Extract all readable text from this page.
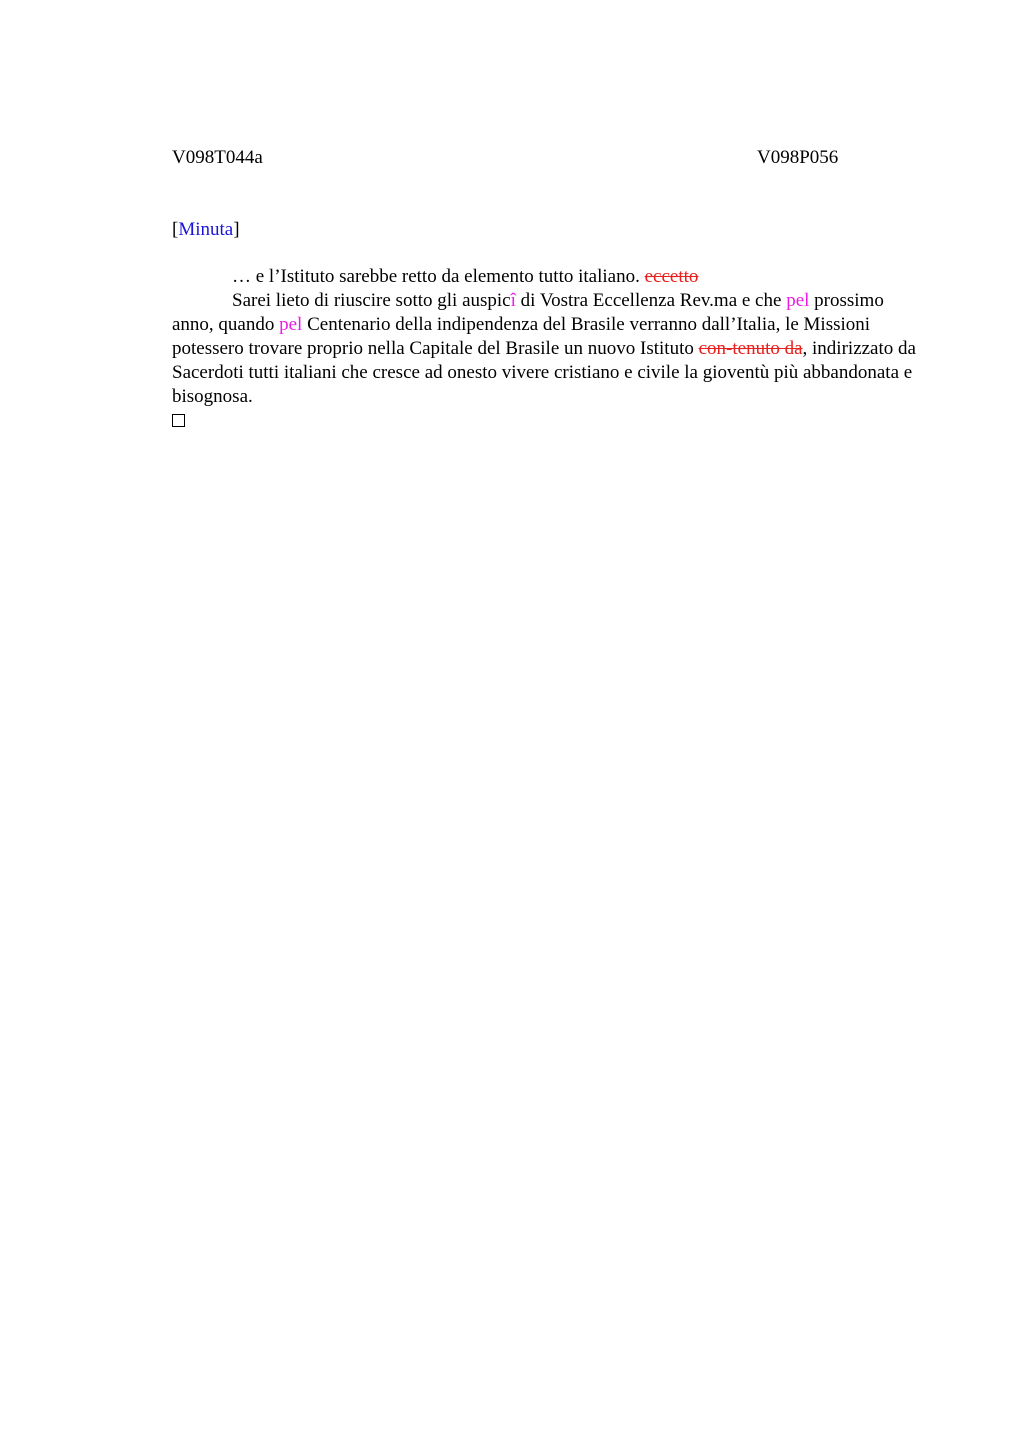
V098T044a	V098P056
[Minuta]

… e l’Istituto sarebbe retto da elemento tutto italiano. eccetto

Sarei lieto di riuscire sotto gli auspicî di Vostra Eccellenza Rev.ma e che pel prossimo anno, quando pel Centenario della indipendenza del Brasile verranno dall’Italia, le Missioni potessero trovare proprio nella Capitale del Brasile un nuovo Istituto con-tenuto da, indirizzato da Sacerdoti tutti italiani che cresce ad onesto vivere cristiano e civile la gioventù più abbandonata e bisognosa.
